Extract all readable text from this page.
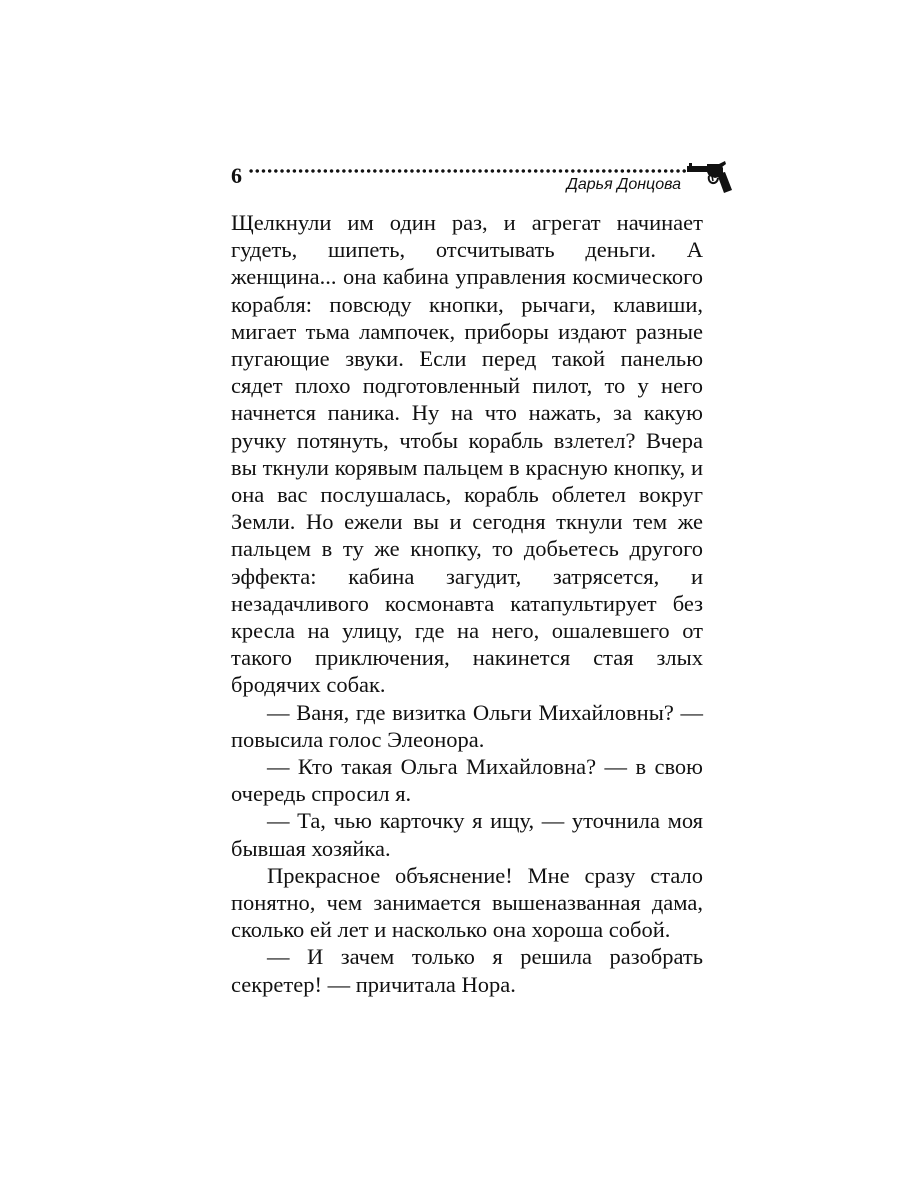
6	Дарья Донцова

Щелкнули им один раз, и агрегат начинает гудеть, шипеть, отсчитывать деньги. А женщина... она кабина управления космического корабля: повсюду кнопки, рычаги, клавиши, мигает тьма лампочек, приборы издают разные пугающие звуки. Если перед такой панелью сядет плохо подготовленный пилот, то у него начнется паника. Ну на что нажать, за какую ручку потянуть, чтобы корабль взлетел? Вчера вы ткнули корявым пальцем в красную кнопку, и она вас послушалась, корабль облетел вокруг Земли. Но ежели вы и сегодня ткнули тем же пальцем в ту же кнопку, то добьетесь другого эффекта: кабина загудит, затрясется, и незадачливого космонавта катапультирует без кресла на улицу, где на него, ошалевшего от такого приключения, накинется стая злых бродячих собак.

— Ваня, где визитка Ольги Михайловны? — повысила голос Элеонора.

— Кто такая Ольга Михайловна? — в свою очередь спросил я.

— Та, чью карточку я ищу, — уточнила моя бывшая хозяйка.

Прекрасное объяснение! Мне сразу стало понятно, чем занимается вышеназванная дама, сколько ей лет и насколько она хороша собой.

— И зачем только я решила разобрать секретер! — причитала Нора.
